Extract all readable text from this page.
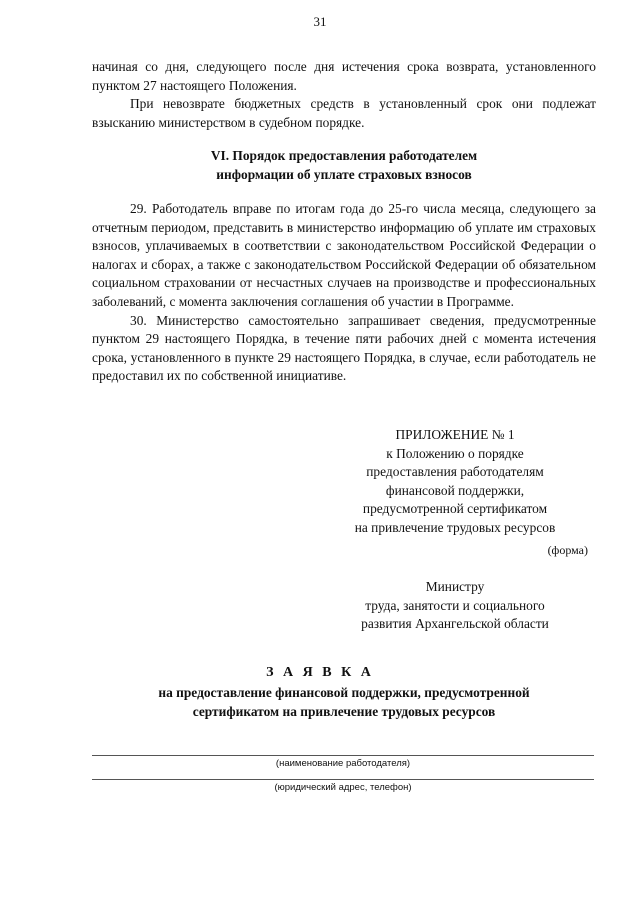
31

начиная со дня, следующего после дня истечения срока возврата, установленного пунктом 27 настоящего Положения.

При невозврате бюджетных средств в установленный срок они подлежат взысканию министерством в судебном порядке.

VI. Порядок предоставления работодателем
информации об уплате страховых взносов

29. Работодатель вправе по итогам года до 25-го числа месяца, следующего за отчетным периодом, представить в министерство информацию об уплате им страховых взносов, уплачиваемых в соответствии с законодательством Российской Федерации о налогах и сборах, а также с законодательством Российской Федерации об обязательном социальном страховании от несчастных случаев на производстве и профессиональных заболеваний, с момента заключения соглашения об участии в Программе.

30. Министерство самостоятельно запрашивает сведения, предусмотренные пунктом 29 настоящего Порядка, в течение пяти рабочих дней с момента истечения срока, установленного в пункте 29 настоящего Порядка, в случае, если работодатель не предоставил их по собственной инициативе.

ПРИЛОЖЕНИЕ № 1
к Положению о порядке
предоставления работодателям
финансовой поддержки,
предусмотренной сертификатом
на привлечение трудовых ресурсов
(форма)
Министру
труда, занятости и социального
развития Архангельской области
З А Я В К А
на предоставление финансовой поддержки, предусмотренной
сертификатом на привлечение трудовых ресурсов
(наименование работодателя)
(юридический адрес, телефон)
